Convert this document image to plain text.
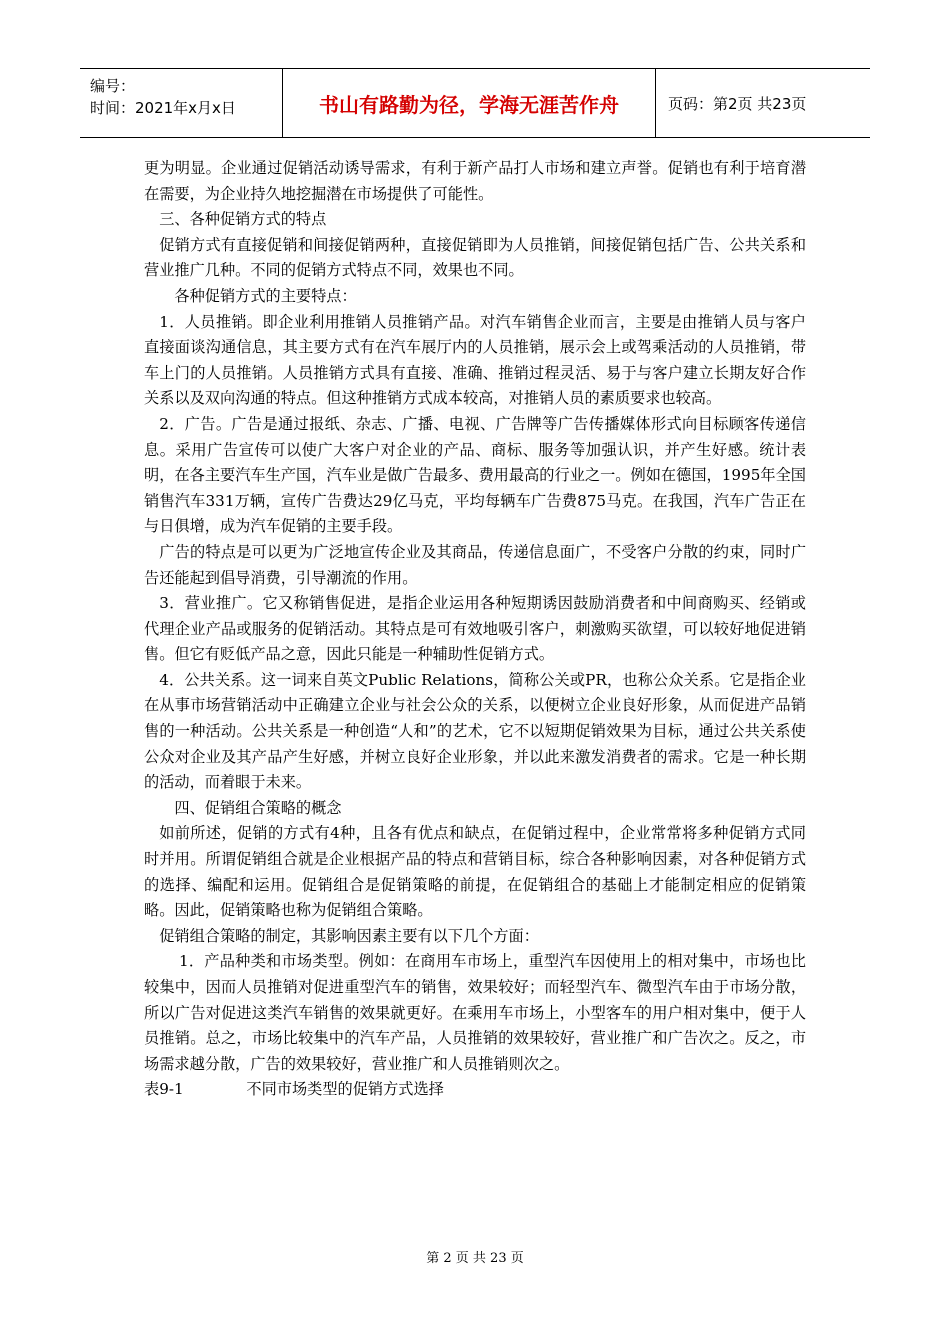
编号：
时间：2021年x月x日	书山有路勤为径，学海无涯苦作舟	页码：第2页 共23页

更为明显。企业通过促销活动诱导需求，有利于新产品打人市场和建立声誉。促销也有利于培育潜在需要，为企业持久地挖掘潜在市场提供了可能性。

三、各种促销方式的特点

促销方式有直接促销和间接促销两种，直接促销即为人员推销，间接促销包括广告、公共关系和营业推广几种。不同的促销方式特点不同，效果也不同。

各种促销方式的主要特点：

1．人员推销。即企业利用推销人员推销产品。对汽车销售企业而言，主要是由推销人员与客户直接面谈沟通信息，其主要方式有在汽车展厅内的人员推销，展示会上或驾乘活动的人员推销，带车上门的人员推销。人员推销方式具有直接、准确、推销过程灵活、易于与客户建立长期友好合作关系以及双向沟通的特点。但这种推销方式成本较高，对推销人员的素质要求也较高。

2．广告。广告是通过报纸、杂志、广播、电视、广告牌等广告传播媒体形式向目标顾客传递信息。采用广告宣传可以使广大客户对企业的产品、商标、服务等加强认识，并产生好感。统计表明，在各主要汽车生产国，汽车业是做广告最多、费用最高的行业之一。例如在德国，1995年全国销售汽车331万辆，宣传广告费达29亿马克，平均每辆车广告费875马克。在我国，汽车广告正在与日俱增，成为汽车促销的主要手段。

广告的特点是可以更为广泛地宣传企业及其商品，传递信息面广，不受客户分散的约束，同时广告还能起到倡导消费，引导潮流的作用。

3．营业推广。它又称销售促进，是指企业运用各种短期诱因鼓励消费者和中间商购买、经销或代理企业产品或服务的促销活动。其特点是可有效地吸引客户，刺激购买欲望，可以较好地促进销售。但它有贬低产品之意，因此只能是一种辅助性促销方式。

4．公共关系。这一词来自英文Public Relations，简称公关或PR，也称公众关系。它是指企业在从事市场营销活动中正确建立企业与社会公众的关系，以便树立企业良好形象，从而促进产品销售的一种活动。公共关系是一种创造“人和”的艺术，它不以短期促销效果为目标，通过公共关系使公众对企业及其产品产生好感，并树立良好企业形象，并以此来激发消费者的需求。它是一种长期的活动，而着眼于未来。

四、促销组合策略的概念

如前所述，促销的方式有4种，且各有优点和缺点，在促销过程中，企业常常将多种促销方式同时并用。所谓促销组合就是企业根据产品的特点和营销目标，综合各种影响因素，对各种促销方式的选择、编配和运用。促销组合是促销策略的前提，在促销组合的基础上才能制定相应的促销策略。因此，促销策略也称为促销组合策略。

促销组合策略的制定，其影响因素主要有以下几个方面：

1．产品种类和市场类型。例如：在商用车市场上，重型汽车因使用上的相对集中，市场也比较集中，因而人员推销对促进重型汽车的销售，效果较好；而轻型汽车、微型汽车由于市场分散，所以广告对促进这类汽车销售的效果就更好。在乘用车市场上，小型客车的用户相对集中，便于人员推销。总之，市场比较集中的汽车产品，人员推销的效果较好，营业推广和广告次之。反之，市场需求越分散，广告的效果较好，营业推广和人员推销则次之。

表9-1             不同市场类型的促销方式选择

第 2 页 共 23 页
